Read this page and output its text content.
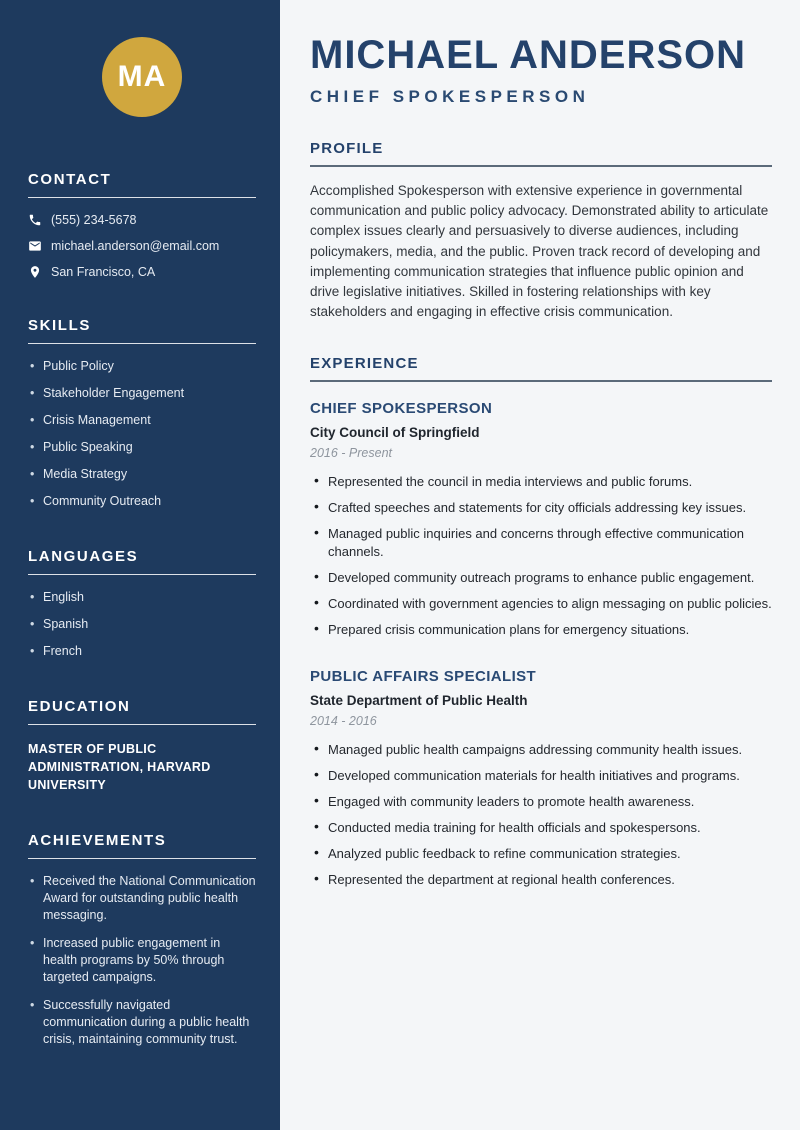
MA
CONTACT
(555) 234-5678
michael.anderson@email.com
San Francisco, CA
SKILLS
• Public Policy
• Stakeholder Engagement
• Crisis Management
• Public Speaking
• Media Strategy
• Community Outreach
LANGUAGES
• English
• Spanish
• French
EDUCATION

MASTER OF PUBLIC ADMINISTRATION, HARVARD UNIVERSITY

ACHIEVEMENTS
• Received the National Communication Award for outstanding public health messaging.
• Increased public engagement in health programs by 50% through targeted campaigns.
• Successfully navigated communication during a public health crisis, maintaining community trust.
MICHAEL ANDERSON
CHIEF SPOKESPERSON
PROFILE

Accomplished Spokesperson with extensive experience in governmental communication and public policy advocacy. Demonstrated ability to articulate complex issues clearly and persuasively to diverse audiences, including policymakers, media, and the public. Proven track record of developing and implementing communication strategies that influence public opinion and drive legislative initiatives. Skilled in fostering relationships with key stakeholders and engaging in effective crisis communication.

EXPERIENCE
CHIEF SPOKESPERSON
City Council of Springfield
2016 - Present
• Represented the council in media interviews and public forums.
• Crafted speeches and statements for city officials addressing key issues.
• Managed public inquiries and concerns through effective communication channels.
• Developed community outreach programs to enhance public engagement.
• Coordinated with government agencies to align messaging on public policies.
• Prepared crisis communication plans for emergency situations.
PUBLIC AFFAIRS SPECIALIST
State Department of Public Health
2014 - 2016
• Managed public health campaigns addressing community health issues.
• Developed communication materials for health initiatives and programs.
• Engaged with community leaders to promote health awareness.
• Conducted media training for health officials and spokespersons.
• Analyzed public feedback to refine communication strategies.
• Represented the department at regional health conferences.
